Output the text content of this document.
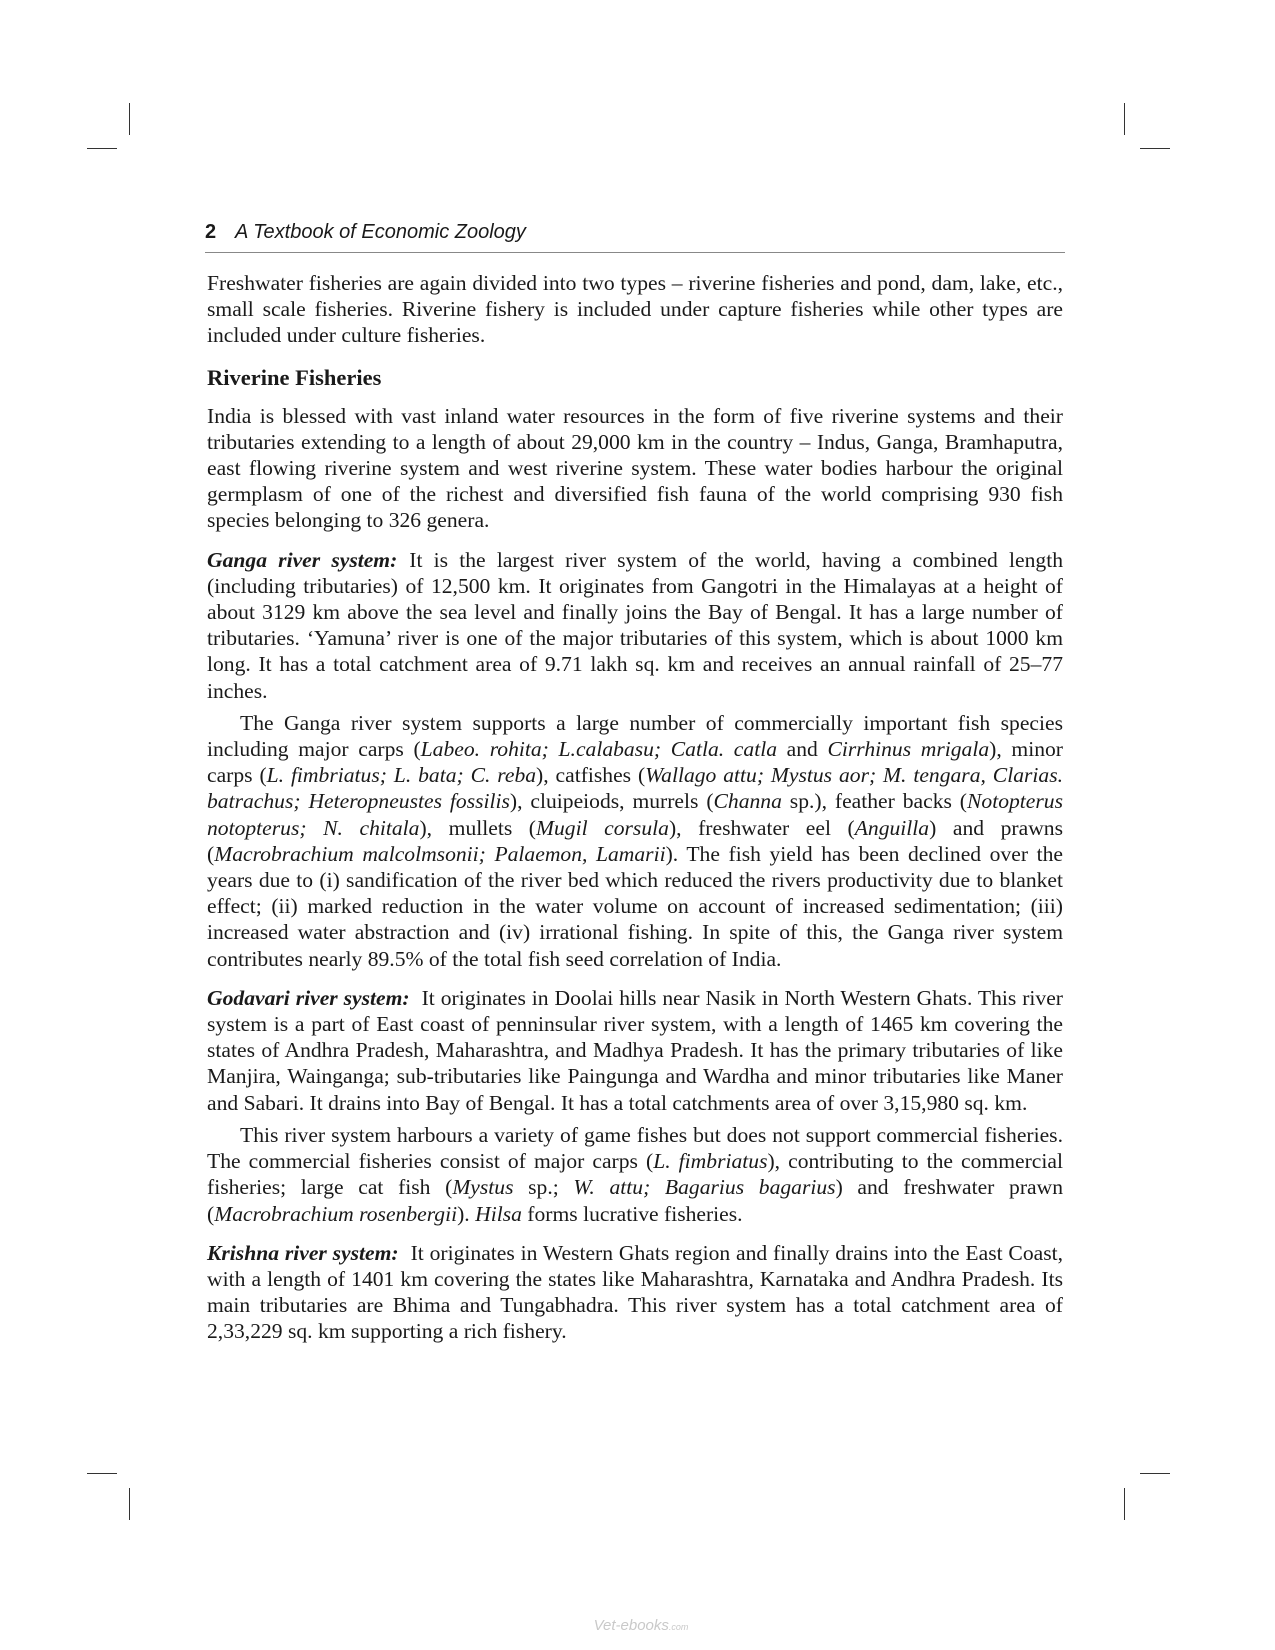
2 A Textbook of Economic Zoology

Freshwater fisheries are again divided into two types – riverine fisheries and pond, dam, lake, etc., small scale fisheries. Riverine fishery is included under capture fisheries while other types are included under culture fisheries.

Riverine Fisheries

India is blessed with vast inland water resources in the form of five riverine systems and their tributaries extending to a length of about 29,000 km in the country – Indus, Ganga, Bramhaputra, east flowing riverine system and west riverine system. These water bodies harbour the original germplasm of one of the richest and diversified fish fauna of the world comprising 930 fish species belonging to 326 genera.

Ganga river system: It is the largest river system of the world, having a combined length (including tributaries) of 12,500 km. It originates from Gangotri in the Himalayas at a height of about 3129 km above the sea level and finally joins the Bay of Bengal. It has a large number of tributaries. ‘Yamuna’ river is one of the major tributaries of this system, which is about 1000 km long. It has a total catchment area of 9.71 lakh sq. km and receives an annual rainfall of 25–77 inches.

The Ganga river system supports a large number of commercially important fish species including major carps (Labeo. rohita; L.calabasu; Catla. catla and Cirrhinus mrigala), minor carps (L. fimbriatus; L. bata; C. reba), catfishes (Wallago attu; Mystus aor; M. tengara, Clarias. batrachus; Heteropneustes fossilis), cluipeiods, murrels (Channa sp.), feather backs (Notopterus notopterus; N. chitala), mullets (Mugil corsula), freshwater eel (Anguilla) and prawns (Macrobrachium malcolmsonii; Palaemon, Lamarii). The fish yield has been declined over the years due to (i) sandification of the river bed which reduced the rivers productivity due to blanket effect; (ii) marked reduction in the water volume on account of increased sedimentation; (iii) increased water abstraction and (iv) irrational fishing. In spite of this, the Ganga river system contributes nearly 89.5% of the total fish seed correlation of India.

Godavari river system: It originates in Doolai hills near Nasik in North Western Ghats. This river system is a part of East coast of penninsular river system, with a length of 1465 km covering the states of Andhra Pradesh, Maharashtra, and Madhya Pradesh. It has the primary tributaries of like Manjira, Wainganga; sub-tributaries like Paingunga and Wardha and minor tributaries like Maner and Sabari. It drains into Bay of Bengal. It has a total catchments area of over 3,15,980 sq. km.

This river system harbours a variety of game fishes but does not support commercial fisheries. The commercial fisheries consist of major carps (L. fimbriatus), contributing to the commercial fisheries; large cat fish (Mystus sp.; W. attu; Bagarius bagarius) and freshwater prawn (Macrobrachium rosenbergii). Hilsa forms lucrative fisheries.

Krishna river system: It originates in Western Ghats region and finally drains into the East Coast, with a length of 1401 km covering the states like Maharashtra, Karnataka and Andhra Pradesh. Its main tributaries are Bhima and Tungabhadra. This river system has a total catchment area of 2,33,229 sq. km supporting a rich fishery.

Vet-ebooks.com
